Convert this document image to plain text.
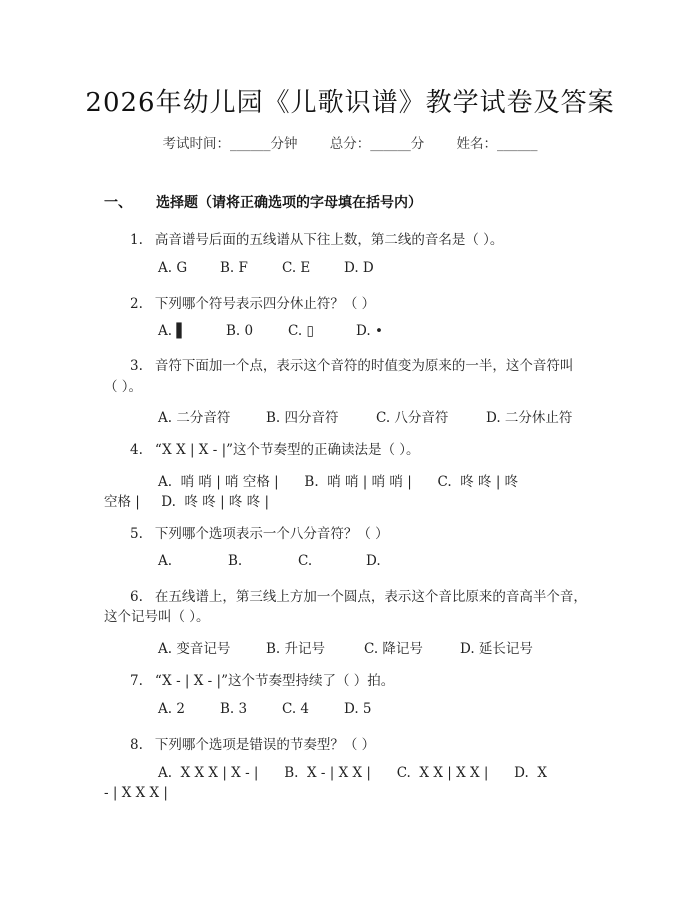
2026年幼儿园《儿歌识谱》教学试卷及答案
考试时间：______分钟 总分：______分 姓名：______
一、 选择题（请将正确选项的字母填在括号内）
1. 高音谱号后面的五线谱从下往上数，第二线的音名是（ ）。
A. G B. F	C. E D. D
2. 下列哪个符号表示四分休止符？（ ）
A. ▌	B. 0	C. ▯	D. •
3. 音符下面加一个点，表示这个音符的时值变为原来的一半，这个音符叫
（ ）。
A. 二分音符	B. 四分音符	C. 八分音符	D. 二分休止符
4. “X X | X - |”这个节奏型的正确读法是（ ）。
A.  哨 哨 | 哨 空格 |      B.  哨 哨 | 哨 哨 |      C.  咚 咚 | 咚
空格 |     D.  咚 咚 | 咚 咚 |
5. 下列哪个选项表示一个八分音符？（ ）
A.	B.	C.	D.
6. 在五线谱上，第三线上方加一个圆点，表示这个音比原来的音高半个音，
这个记号叫（ ）。
A. 变音记号	B. 升记号	C. 降记号	D. 延长记号
7. “X - | X - |”这个节奏型持续了（ ）拍。
A. 2	B. 3	C. 4	D. 5
8. 下列哪个选项是错误的节奏型？（ ）
A.  X X X | X - |      B.  X - | X X |      C.  X X | X X |      D.  X
- | X X X |
